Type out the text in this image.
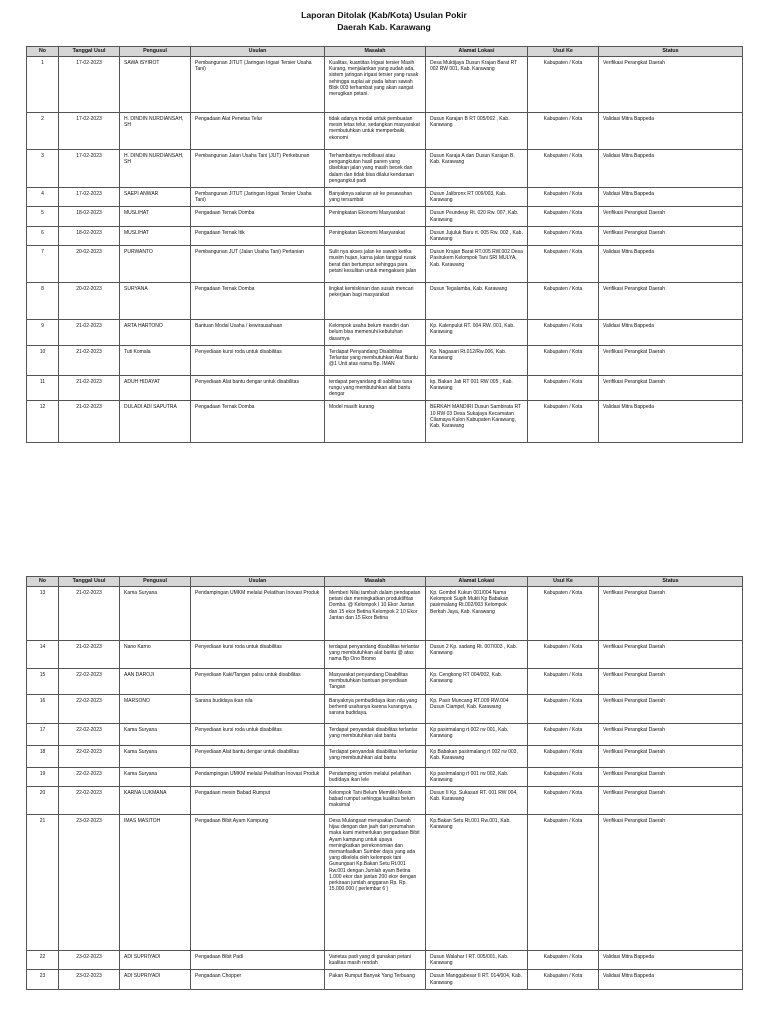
Laporan Ditolak (Kab/Kota) Usulan Pokir
Daerah Kab. Karawang
No	Tanggal Usul	Pengusul	Usulan	Masalah	Alamat Lokasi	Usul Ke	Status
1	17-02-2023	SAWA ISYIROT	Pembangunan JITUT (Jaringan Irigasi Tersier Usaha Tani)	Kualitas, kuantitas Irigasi tersier Masih Kurang, menjalankan yang sudah ada, sistem jaringan irigasi tersier yang rusak sehingga suplai air pada lahan sawah Blok 003 terhambat yang akan sangat merugikan petani.	Desa Muktijaya Dusun Krajan Barat RT 002 RW 001, Kab. Karawang	Kabupaten / Kota	Verifikasi Perangkat Daerah
2	17-02-2023	H. DINDIN NURDIANSAH, SH	Pengadaan Alat Penetas Telur	tidak adanya modal untuk pembuatan mesin tetas telur, sedangkan masyarakat membutuhkan untuk memperbaiki ekonomi	Dusun Karajan B RT 005/002 , Kab. Karawang	Kabupaten / Kota	Validasi Mitra Bappeda
3	17-02-2023	H. DINDIN NURDIANSAH, SH	Pembangunan Jalan Usaha Tani (JUT) Perkebunan	Terhambatnya mobilisasi atau pengangkutan hasil panen yang disebkan jalan yang masih becek dan dalam dan tidak bisa dilalui kendaraan pengangkut padi	Dusun Karaja A dan Dusun Karajan B, Kab. Karawang	Kabupaten / Kota	Validasi Mitra Bappeda
4	17-02-2023	SAEPI ANWAR	Pembangunan JITUT (Jaringan Irigasi Tersier Usaha Tani)	Banyaknya saluran air ke pesawahan yang tersumbat	Dusun Jalibronx RT 009/003, Kab. Karawang	Kabupaten / Kota	Validasi Mitra Bappeda
5	18-02-2023	MUSLIHAT	Pengadaan Ternak Domba	Peningkatan Ekonomi Masyarakat	Dusun Peundeuy Rt. 020 Rw. 007, Kab. Karawang	Kabupaten / Kota	Verifikasi Perangkat Daerah
6	18-02-2023	MUSLIHAT	Pengadaan Ternak Itik	Peningkatan Ekonomi Masyarakat	Dusun Jujuluk Baru rt. 005 Rw. 002 , Kab. Karawang	Kabupaten / Kota	Verifikasi Perangkat Daerah
7	20-02-2023	PURWANTO	Pembangunan JUT (Jalan Usaha Tani) Pertanian	Sulit nya akses jalan ke sawah ketika musim hujan, karna jalan tanggul rusak berat dan bertumpur sehingga para petani kesulitan untuk mengakses jalan	Dusun Krajan Barat RT.005 RW.002 Desa Pasirukem Kelompok Tani SRI MULYA, Kab. Karawang	Kabupaten / Kota	Validasi Mitra Bappeda
8	20-02-2023	SURYANA	Pengadaan Ternak Domba	lingkat kemiskinan dan susah mencari pekerjaan bagi masyarakat	Dusun Tegalamba, Kab. Karawang	Kabupaten / Kota	Verifikasi Perangkat Daerah
9	21-02-2023	ARTA HARTONO	Bantuan Modal Usaha / kewirausahaan	Kelompok usaha belum mandiri dan belum bisa memenuhi kebutuhan dasarnya	Kp. Kalenpulut RT. 004 RW. 001, Kab. Karawang	Kabupaten / Kota	Validasi Mitra Bappeda
10	21-02-2023	Tuti Komala	Penyediaan kursi roda untuk disabilitas	Terdapat Penyandang Disabilitas Terlantar yang membutuhkan Alat Bantu @1 Unit atas nama Bp. IMAN	Kp. Nagasari Rt.012/Rw.006, Kab. Karawang	Kabupaten / Kota	Verifikasi Perangkat Daerah
11	21-02-2023	ADUH HIDAYAT	Penyediaan Alat bantu dengar untuk disabilitas	terdapat penyandang di sabilitas tuna rungu yang membutuhkan alat bantu dengar	kp. Bakan Jati RT 001 RW 005 , Kab. Karawang	Kabupaten / Kota	Verifikasi Perangkat Daerah
12	21-02-2023	DULADI ADI SAPUTRA	Pengadaan Ternak Domba	Model masih kurang	BERKAH MANDIRI Dusun Sambirata RT 10 RW 03 Desa Sukajaya Kecamatan Cilamaya Kulon Kabupaten Karawang, Kab. Karawang	Kabupaten / Kota	Validasi Mitra Bappeda
No	Tanggal Usul	Pengusul	Usulan	Masalah	Alamat Lokasi	Usul Ke	Status
13	21-02-2023	Kama Suryana	Pendampingan UMKM melalui Pelatihan Inovasi Produk	Memberi Nilai tambah dalam pendapatan petani dan meningkatkan produktifitas Domba. @ Kelompok I 10 Ekor Jantan dan 15 ekor Betina Kelompok 2 10 Ekor Jantan dan 15 Ekor Betina	Kp. Gombol Kukun 001/004 Nama Kelompok Sugih Mukti Kp Babakan pasirmalang Rt.002/003 Kelompok Berkah Jaya, Kab. Karawang	Kabupaten / Kota	Verifikasi Perangkat Daerah
14	21-02-2023	Nano Karno	Penyediaan kursi roda untuk disabilitas	terdapat penyandang disabilitas terlantar yang membutuhkan alat bantu @ atas nama Bp Ono Bromo	Dusun 2 Kp. sadang Rt. 007/003 , Kab. Karawang	Kabupaten / Kota	Verifikasi Perangkat Daerah
15	22-02-2023	AAN DAROJI	Penyediaan Kaki/Tangan palsu untuk disabilitas	Masyarakat penyandang Disabilitas membutuhkan bantuan penyediaan Tangan	Kp. Cengkong RT 004/002, Kab. Karawang	Kabupaten / Kota	Verifikasi Perangkat Daerah
16	22-02-2023	MARSONO	Sarana budidaya ikan nila	Banyaknya pembudidaya ikan nila yang berhenti usahanya karena kurangnya sarana budidaya.	Kp. Pasir Muncang RT.009 RW.004 Dusun Ciampel, Kab. Karawang	Kabupaten / Kota	Verifikasi Perangkat Daerah
17	22-02-2023	Kama Suryana	Penyediaan kursi roda untuk disabilitas	Terdapat penyandak disabilitas terlantar yang membutuhkan alat bantu	Kp pasirmalang rt 002 rw 001, Kab. Karawang	Kabupaten / Kota	Verifikasi Perangkat Daerah
18	22-02-2023	Kama Suryana	Penyediaan Alat bantu dengar untuk disabilitas	Terdapat penyandak disabilitas terlantar yang membutuhkan alat bantu	Kp Babakan pasirmalang rt 002 rw 003, Kab. Karawang	Kabupaten / Kota	Verifikasi Perangkat Daerah
19	22-02-2023	Kama Suryana	Pendampingan UMKM melalui Pelatihan Inovasi Produk	Pendamping umkm melalui pelatihan budidaya ikan lele	Kp pasirmalang rt 001 rw 002, Kab. Karawang	Kabupaten / Kota	Verifikasi Perangkat Daerah
20	22-02-2023	KARNA LUKMANA	Pengadaan mesin Babad Rumput	Kelompok Tani Belum Memiliki Mesin babad rumput sehingga kualitas belum maksimal	Dusun II Kp. Sukasari RT. 001 RW 004, Kab. Karawang	Kabupaten / Kota	Verifikasi Perangkat Daerah
21	23-02-2023	IMAS MASITOH	Pengadaan Bibit Ayam Kampung	Desa Mulangsari merupakan Daerah hijau dengan dan jauh dari perumahan maka kami memerlukan pengadaan Bibit Ayam kampung untuk upaya meningkatkan perekonomian dan memanfaatkan Sumber daya yang ada yang dikelola oleh kelompok tani Gunungsari Kp.Bakan Setu Rt.001 Rw.001 dengan Jumlah ayam Betina 1.000 ekor dan jantan 200 ekor dengan perkiraan jumlah anggaran Rp. Rp. 15.000.000 ( perlembar 6 )	Kp.Bakan Setu Rt.001 Rw.001, Kab. Karawang	Kabupaten / Kota	Verifikasi Perangkat Daerah
22	23-02-2023	ADI SUPRIYADI	Pengadaan Bibit Padi	Varietas padi yang di gunakan petani kualitas masih rendah	Dusun Walahar I RT. 005/001, Kab. Karawang	Kabupaten / Kota	Validasi Mitra Bappeda
23	23-02-2023	ADI SUPRIYADI	Pengadaan Chopper	Pakan Rumput Banyak Yang Terbuang	Dusun Manggabesar II RT. 014/004, Kab. Karawang	Kabupaten / Kota	Validasi Mitra Bappeda
